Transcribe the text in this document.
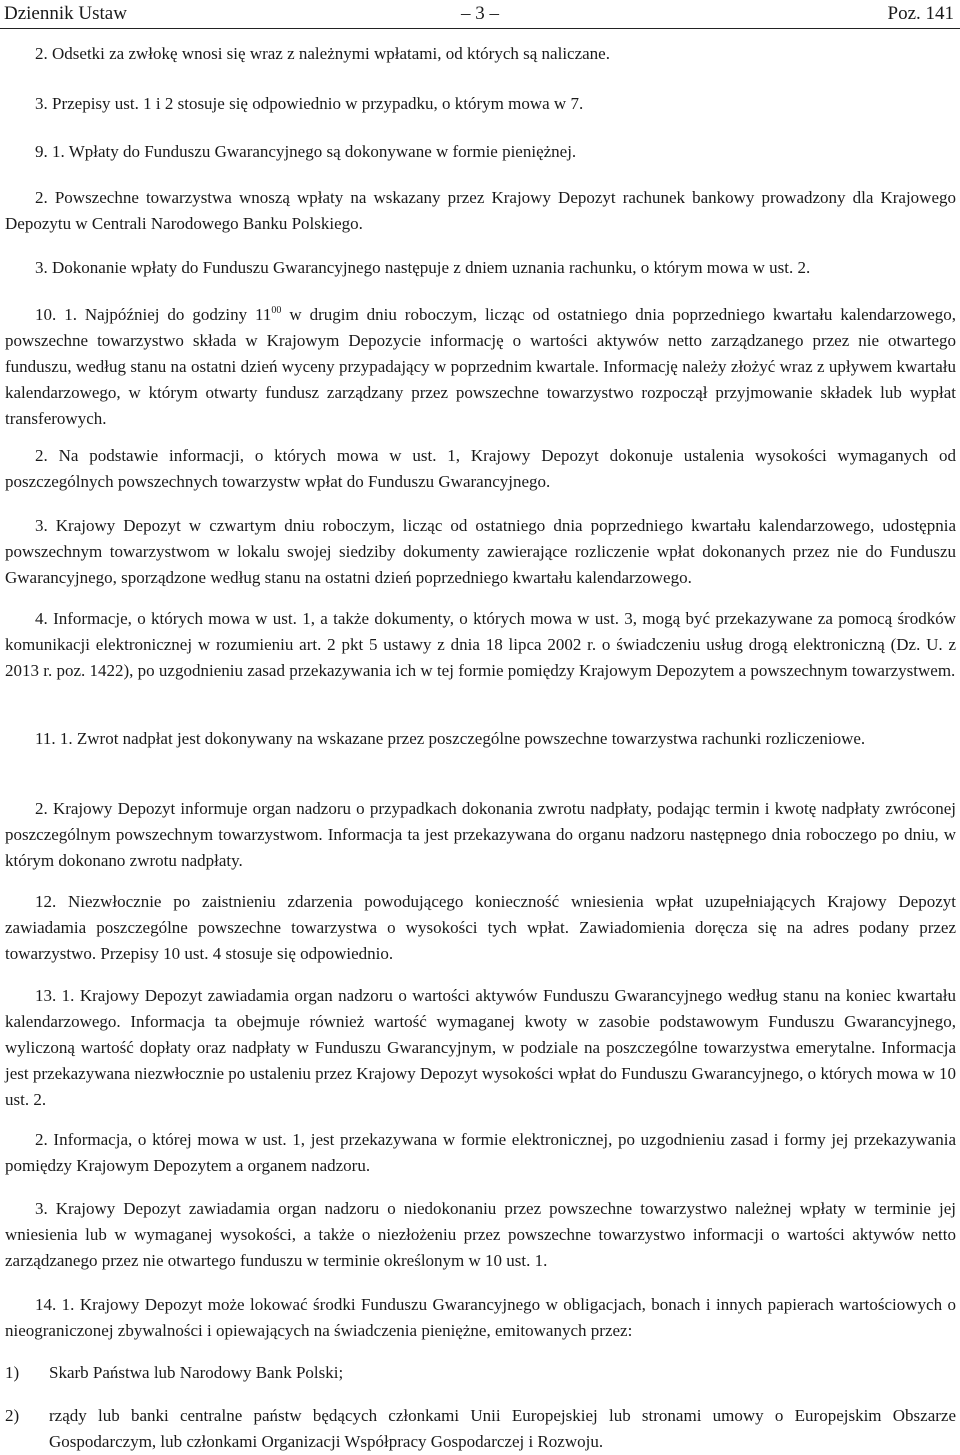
Dziennik Ustaw	– 3 –	Poz. 141

2. Odsetki za zwłokę wnosi się wraz z należnymi wpłatami, od których są naliczane.

3. Przepisy ust. 1 i 2 stosuje się odpowiednio w przypadku, o którym mowa w 7.

9. 1. Wpłaty do Funduszu Gwarancyjnego są dokonywane w formie pieniężnej.

2. Powszechne towarzystwa wnoszą wpłaty na wskazany przez Krajowy Depozyt rachunek bankowy prowadzony dla Krajowego Depozytu w Centrali Narodowego Banku Polskiego.

3. Dokonanie wpłaty do Funduszu Gwarancyjnego następuje z dniem uznania rachunku, o którym mowa w ust. 2.

10. 1. Najpóźniej do godziny $11^{00}$ w drugim dniu roboczym, licząc od ostatniego dnia poprzedniego kwartału kalendarzowego, powszechne towarzystwo składa w Krajowym Depozycie informację o wartości aktywów netto zarządzanego przez nie otwartego funduszu, według stanu na ostatni dzień wyceny przypadający w poprzednim kwartale. Informację należy złożyć wraz z upływem kwartału kalendarzowego, w którym otwarty fundusz zarządzany przez powszechne towarzystwo rozpoczął przyjmowanie składek lub wypłat transferowych.

2. Na podstawie informacji, o których mowa w ust. 1, Krajowy Depozyt dokonuje ustalenia wysokości wymaganych od poszczególnych powszechnych towarzystw wpłat do Funduszu Gwarancyjnego.

3. Krajowy Depozyt w czwartym dniu roboczym, licząc od ostatniego dnia poprzedniego kwartału kalendarzowego, udostępnia powszechnym towarzystwom w lokalu swojej siedziby dokumenty zawierające rozliczenie wpłat dokonanych przez nie do Funduszu Gwarancyjnego, sporządzone według stanu na ostatni dzień poprzedniego kwartału kalendarzowego.

4. Informacje, o których mowa w ust. 1, a także dokumenty, o których mowa w ust. 3, mogą być przekazywane za pomocą środków komunikacji elektronicznej w rozumieniu art. 2 pkt 5 ustawy z dnia 18 lipca 2002 r. o świadczeniu usług drogą elektroniczną (Dz. U. z 2013 r. poz. 1422), po uzgodnieniu zasad przekazywania ich w tej formie pomiędzy Krajowym Depozytem a powszechnym towarzystwem.

11. 1. Zwrot nadpłat jest dokonywany na wskazane przez poszczególne powszechne towarzystwa rachunki rozliczeniowe.

2. Krajowy Depozyt informuje organ nadzoru o przypadkach dokonania zwrotu nadpłaty, podając termin i kwotę nadpłaty zwróconej poszczególnym powszechnym towarzystwom. Informacja ta jest przekazywana do organu nadzoru następnego dnia roboczego po dniu, w którym dokonano zwrotu nadpłaty.

12. Niezwłocznie po zaistnieniu zdarzenia powodującego konieczność wniesienia wpłat uzupełniających Krajowy Depozyt zawiadamia poszczególne powszechne towarzystwa o wysokości tych wpłat. Zawiadomienia doręcza się na adres podany przez towarzystwo. Przepisy 10 ust. 4 stosuje się odpowiednio.

13. 1. Krajowy Depozyt zawiadamia organ nadzoru o wartości aktywów Funduszu Gwarancyjnego według stanu na koniec kwartału kalendarzowego. Informacja ta obejmuje również wartość wymaganej kwoty w zasobie podstawowym Funduszu Gwarancyjnego, wyliczoną wartość dopłaty oraz nadpłaty w Funduszu Gwarancyjnym, w podziale na poszczególne towarzystwa emerytalne. Informacja jest przekazywana niezwłocznie po ustaleniu przez Krajowy Depozyt wysokości wpłat do Funduszu Gwarancyjnego, o których mowa w 10 ust. 2.

2. Informacja, o której mowa w ust. 1, jest przekazywana w formie elektronicznej, po uzgodnieniu zasad i formy jej przekazywania pomiędzy Krajowym Depozytem a organem nadzoru.

3. Krajowy Depozyt zawiadamia organ nadzoru o niedokonaniu przez powszechne towarzystwo należnej wpłaty w terminie jej wniesienia lub w wymaganej wysokości, a także o niezłożeniu przez powszechne towarzystwo informacji o wartości aktywów netto zarządzanego przez nie otwartego funduszu w terminie określonym w 10 ust. 1.

14. 1. Krajowy Depozyt może lokować środki Funduszu Gwarancyjnego w obligacjach, bonach i innych papierach wartościowych o nieograniczonej zbywalności i opiewających na świadczenia pieniężne, emitowanych przez:

1) Skarb Państwa lub Narodowy Bank Polski;
2) rządy lub banki centralne państw będących członkami Unii Europejskiej lub stronami umowy o Europejskim Obszarze Gospodarczym, lub członkami Organizacji Współpracy Gospodarczej i Rozwoju.
